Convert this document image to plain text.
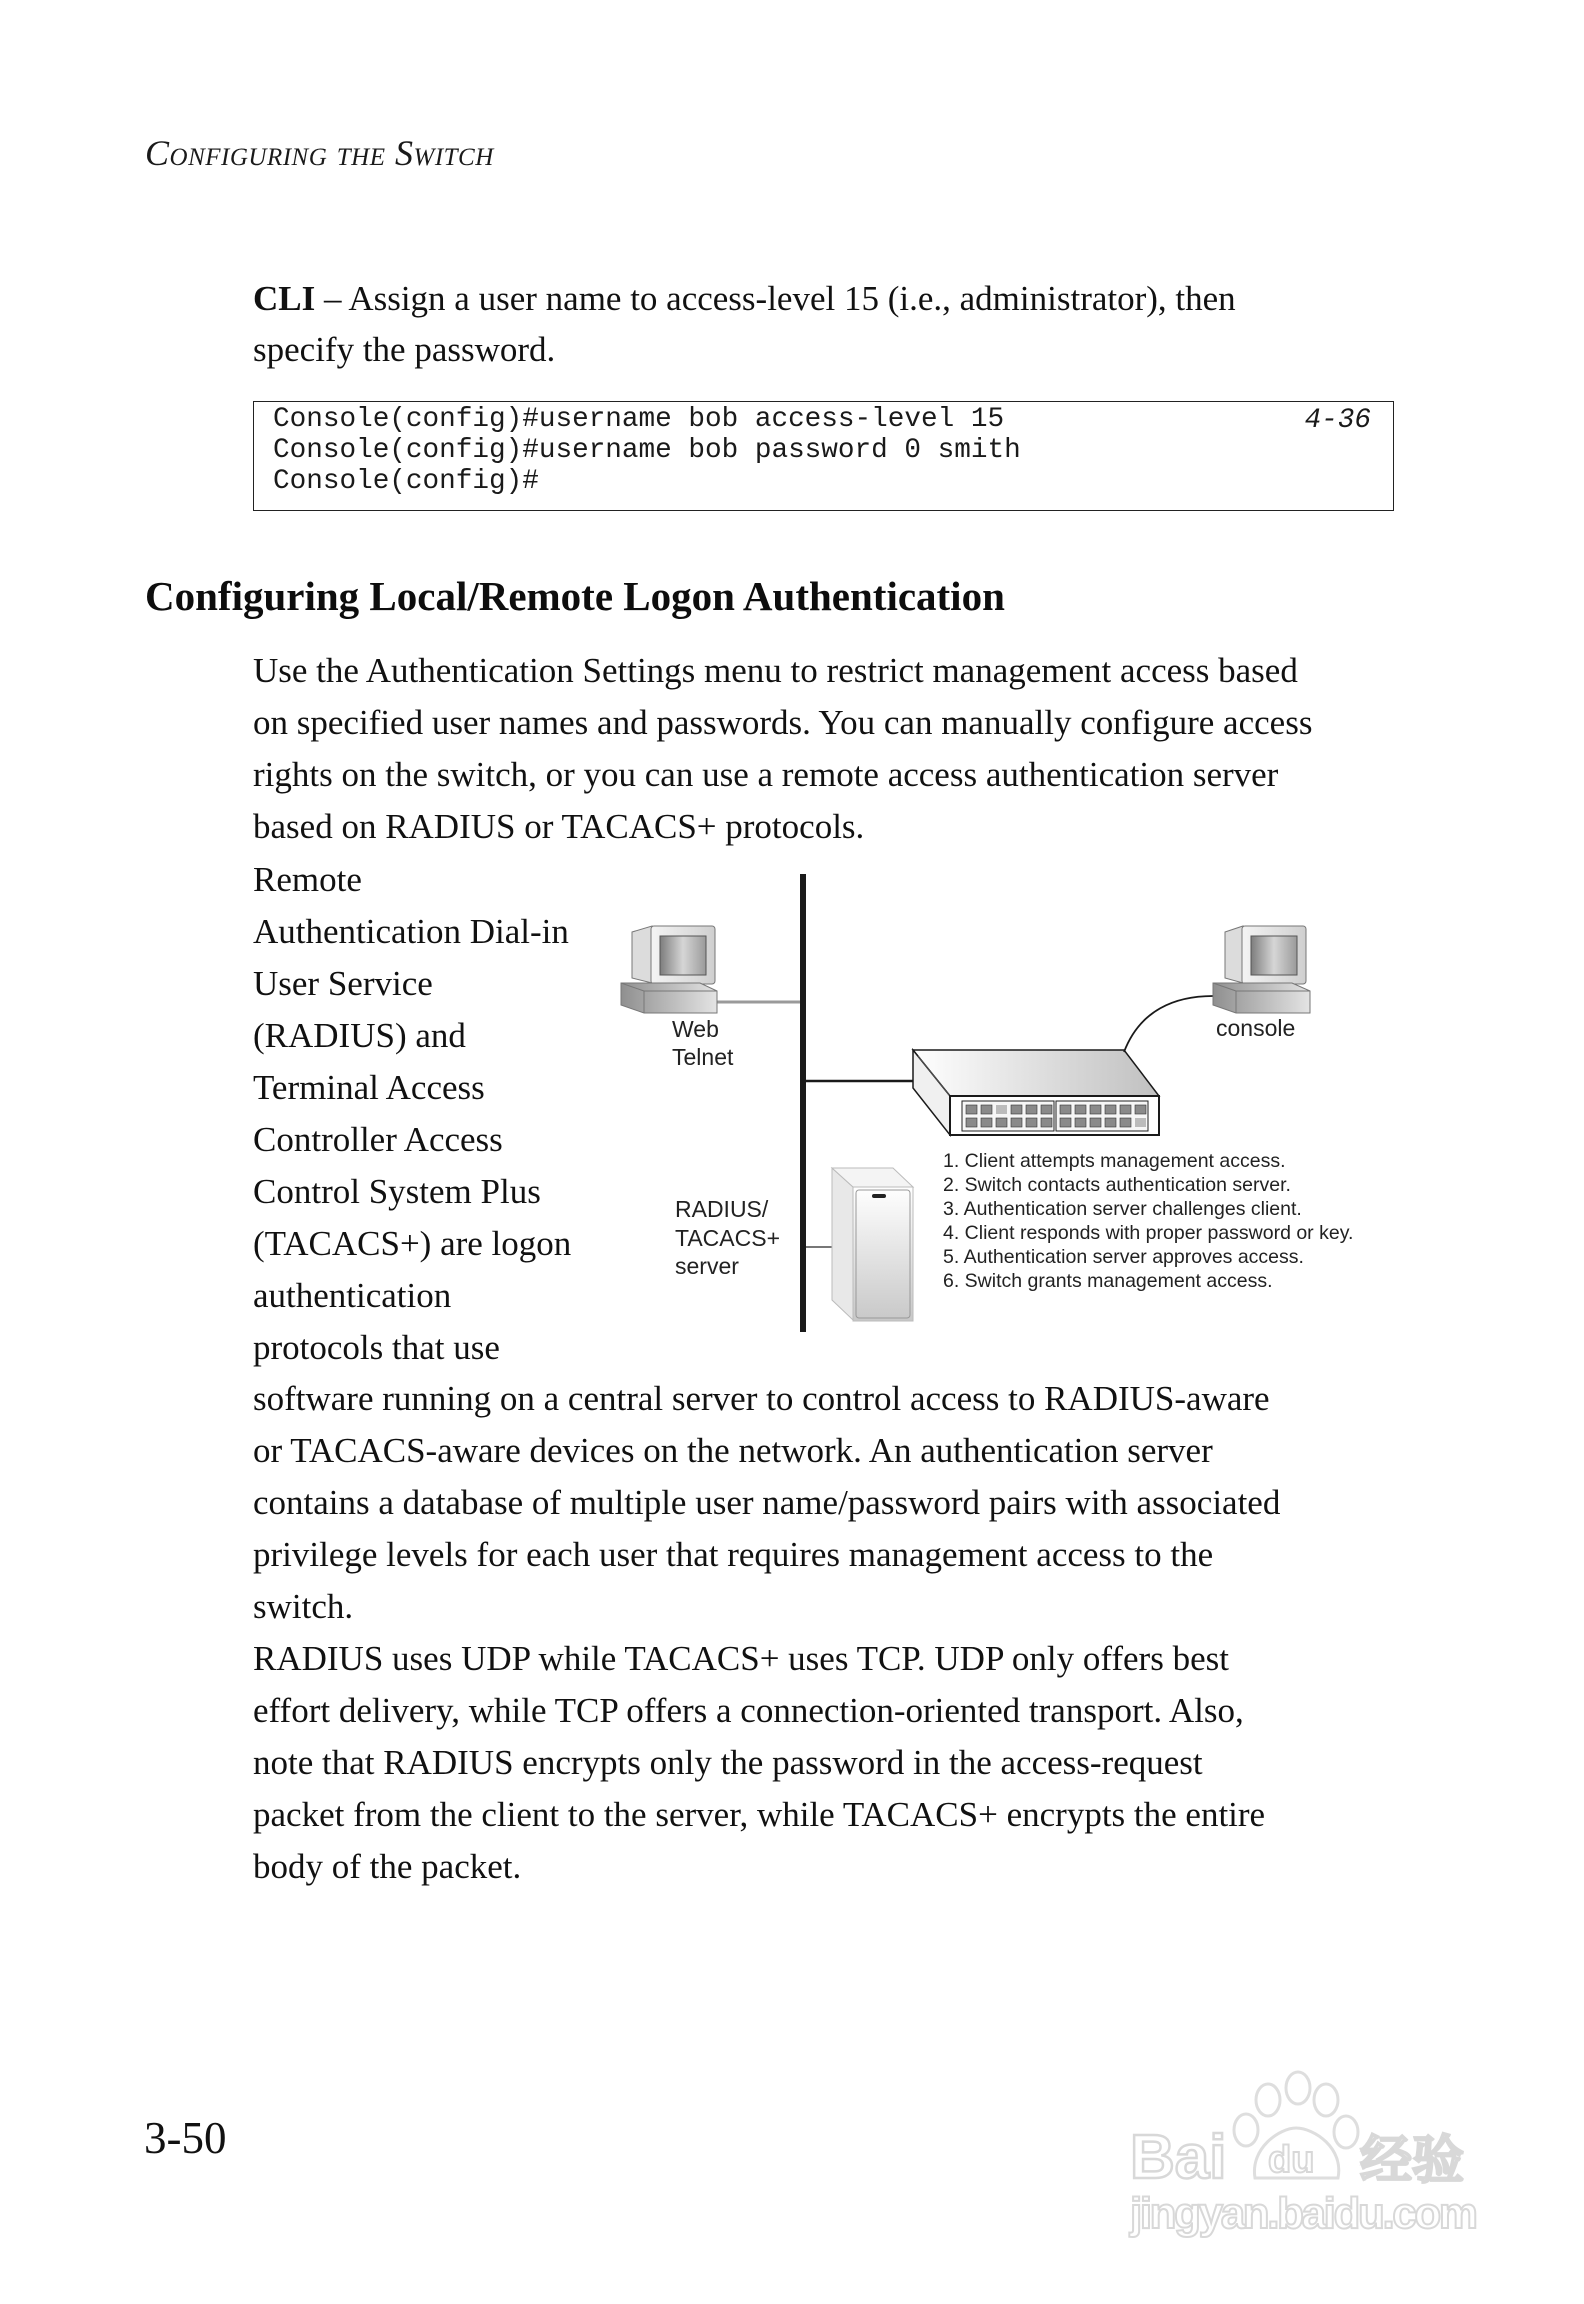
Configuring the Switch
CLI – Assign a user name to access-level 15 (i.e., administrator), then
specify the password.
Console(config)#username bob access-level 15	4-36
Console(config)#username bob password 0 smith
Console(config)#
Configuring Local/Remote Logon Authentication
Use the Authentication Settings menu to restrict management access based
on specified user names and passwords. You can manually configure access
rights on the switch, or you can use a remote access authentication server
based on RADIUS or TACACS+ protocols.
Remote
Authentication Dial-in
User Service
(RADIUS) and
Terminal Access
Controller Access
Control System Plus
(TACACS+) are logon
authentication
protocols that use
software running on a central server to control access to RADIUS-aware
or TACACS-aware devices on the network. An authentication server
contains a database of multiple user name/password pairs with associated
privilege levels for each user that requires management access to the
switch.
RADIUS uses UDP while TACACS+ uses TCP. UDP only offers best
effort delivery, while TCP offers a connection-oriented transport. Also,
note that RADIUS encrypts only the password in the access-request
packet from the client to the server, while TACACS+ encrypts the entire
body of the packet.
Web
Telnet
console
RADIUS/
TACACS+
server
1. Client attempts management access.
2. Switch contacts authentication server.
3. Authentication server challenges client.
4. Client responds with proper password or key.
5. Authentication server approves access.
6. Switch grants management access.
3-50	Bai du 经验
jingyan.baidu.com
